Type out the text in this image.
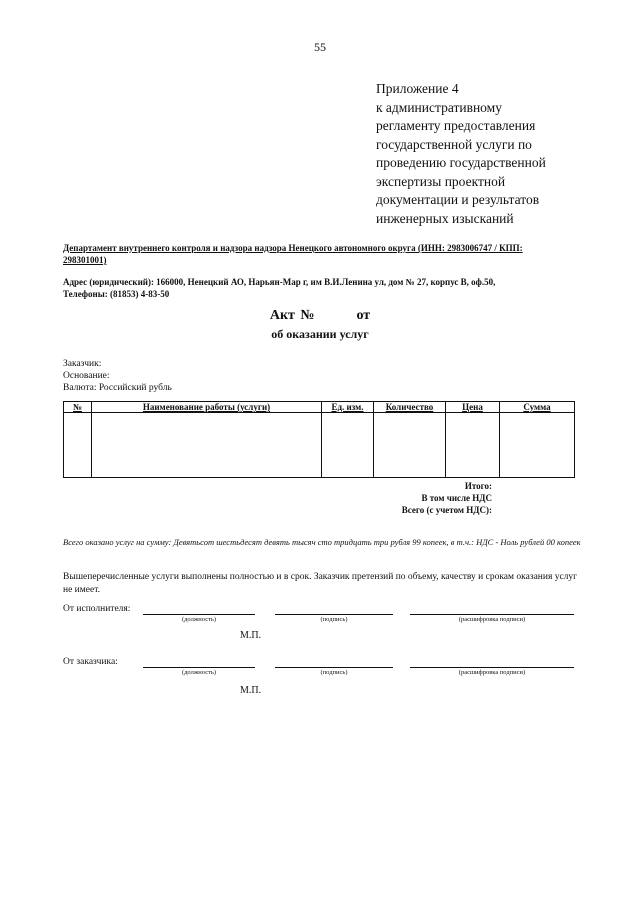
55
Приложение 4
к административному
регламенту предоставления
государственной услуги по
проведению государственной
экспертизы проектной
документации и результатов
инженерных изысканий
Департамент внутреннего контроля и надзора надзора Ненецкого автономного округа (ИНН: 2983006747 / КПП: 298301001)
Адрес (юридический): 166000, Ненецкий АО, Нарьян-Мар г, им В.И.Ленина ул, дом № 27, корпус В, оф.50,
Телефоны: (81853) 4-83-50
Акт №	от
об оказании услуг
Заказчик:
Основание:
Валюта: Российский рубль
№	Наименование работы (услуги)	Ед. изм.	Количество	Цена	Сумма

Итого:
В том числе НДС
Всего (с учетом НДС):
Всего оказано услуг на сумму: Девятьсот шестьдесят девять тысяч сто тридцать три рубля 99 копеек, в т.ч.: НДС - Ноль рублей 00 копеек
Вышеперечисленные услуги выполнены полностью и в срок. Заказчик претензий по объему, качеству и срокам оказания услуг не имеет.
От исполнителя:
(должность)	(подпись)	(расшифровка подписи)
М.П.
От заказчика:
(должность)	(подпись)	(расшифровка подписи)
М.П.
